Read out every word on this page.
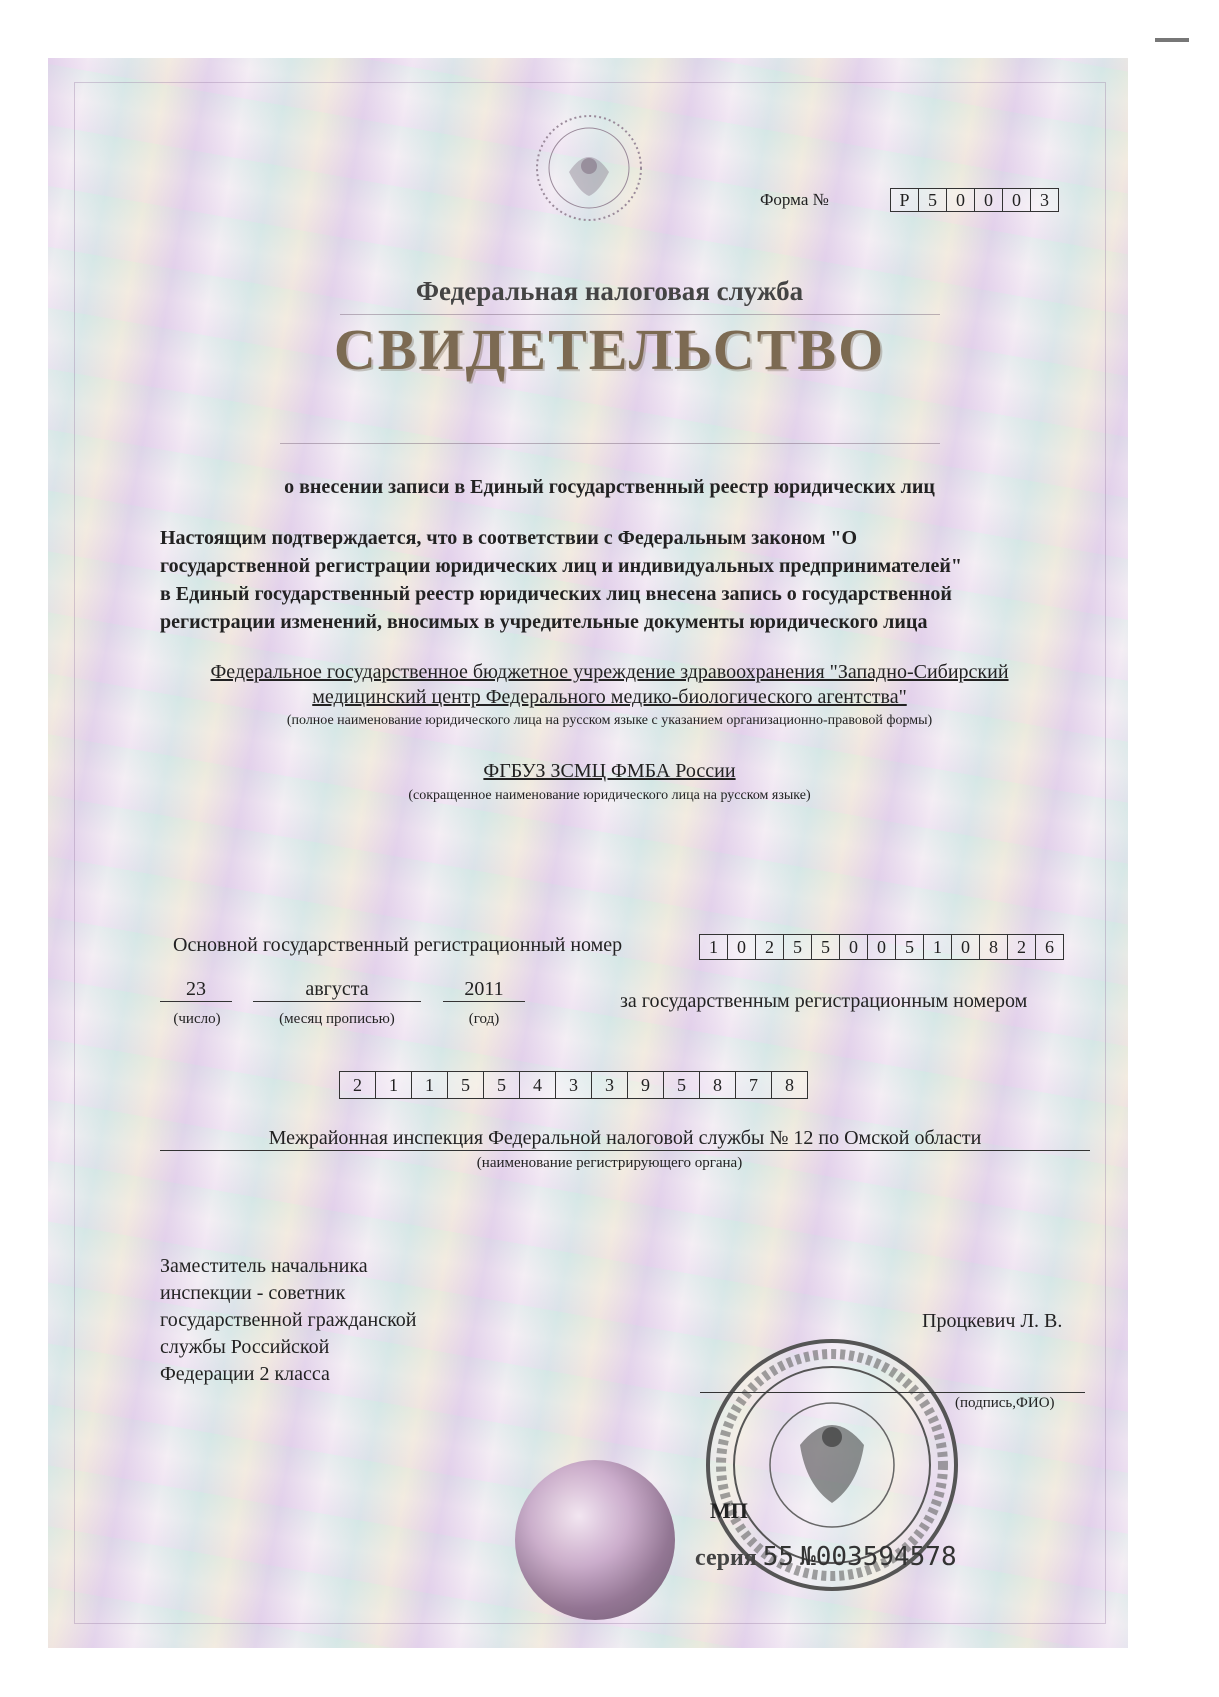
Форма №	Р	5	0	0	0	3
Федеральная налоговая служба
СВИДЕТЕЛЬСТВО
о внесении записи в Единый государственный реестр юридических лиц
Настоящим подтверждается, что в соответствии с Федеральным законом "О
государственной регистрации юридических лиц и индивидуальных предпринимателей"
в Единый государственный реестр юридических лиц внесена запись о государственной
регистрации изменений, вносимых в учредительные документы юридического лица
Федеральное государственное бюджетное учреждение здравоохранения "Западно-Сибирский
медицинский центр Федерального медико-биологического агентства"
(полное наименование юридического лица на русском языке с указанием организационно-правовой формы)
ФГБУЗ ЗСМЦ ФМБА России
(сокращенное наименование юридического лица на русском языке)
Основной государственный регистрационный номер	1	0	2	5	5	0	0	5	1	0	8	2	6
23
(число)
августа
(месяц прописью)
2011
(год)
за государственным регистрационным номером
2	1	1	5	5	4	3	3	9	5	8	7	8
Межрайонная инспекция Федеральной налоговой службы № 12 по Омской области
(наименование регистрирующего органа)
Заместитель начальника
инспекции - советник
государственной гражданской
службы Российской
Федерации 2 класса
Процкевич Л. В.
(подпись,ФИО)
МП
серия 55 №003594578
